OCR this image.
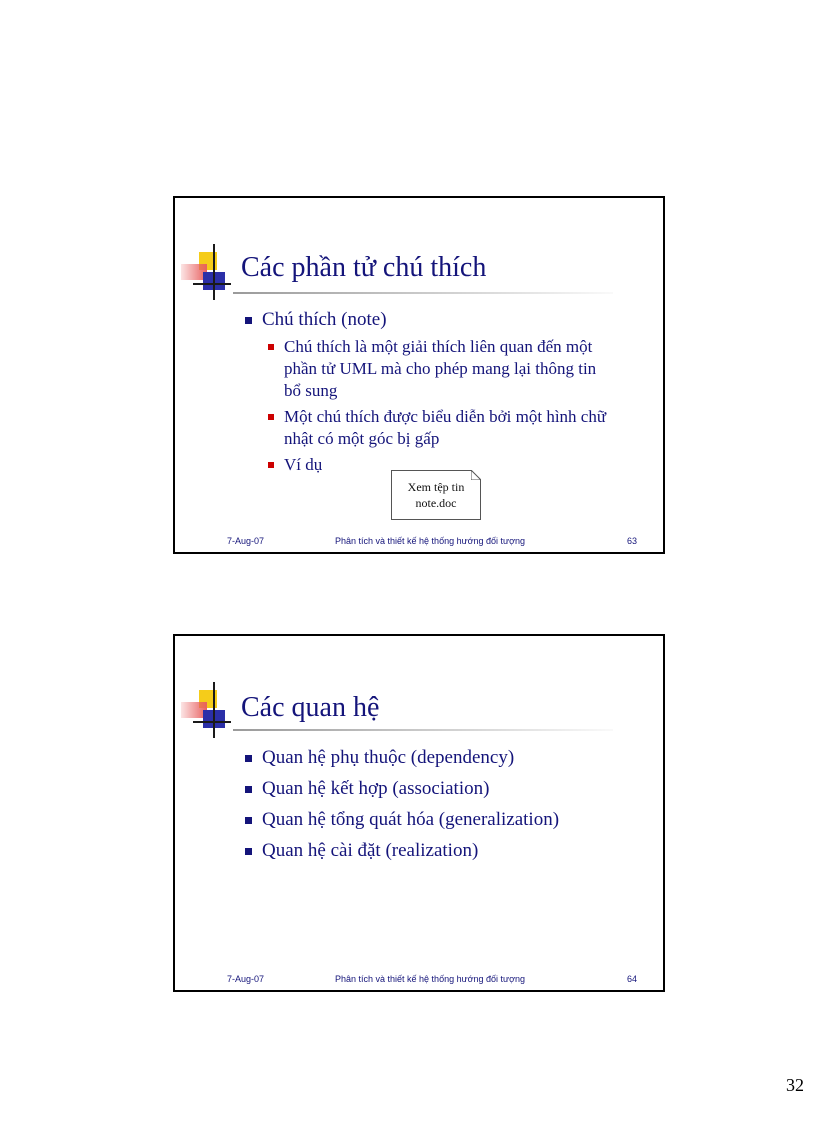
Các phần tử chú thích
Chú thích (note)
Chú thích là một giải thích liên quan đến một phần tử UML mà cho phép mang lại thông tin bổ sung
Một chú thích được biểu diễn bởi một hình chữ nhật có một góc bị gấp
Ví dụ
Xem tệp tin
note.doc
7-Aug-07	Phân tích và thiết kế hệ thống hướng đối tượng	63
Các quan hệ
Quan hệ phụ thuộc (dependency)
Quan hệ kết hợp (association)
Quan hệ tổng quát hóa (generalization)
Quan hệ cài đặt (realization)
7-Aug-07	Phân tích và thiết kế hệ thống hướng đối tượng	64
32
